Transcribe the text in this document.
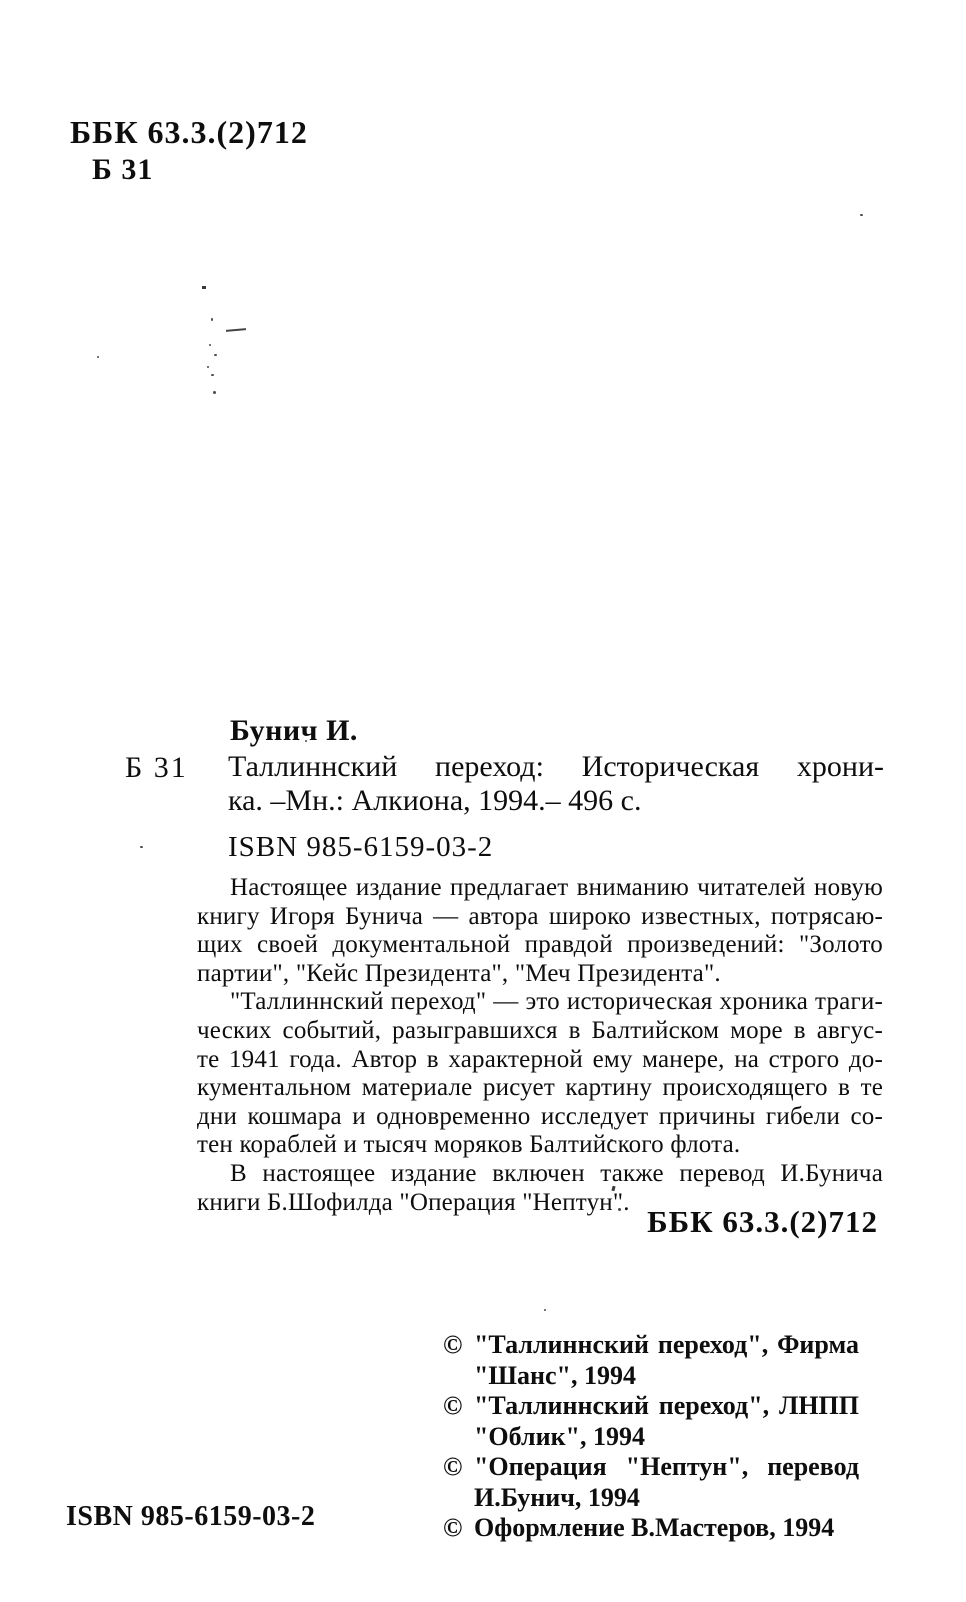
ББК 63.3.(2)712
Б 31
Бунич И.
Б 31 Таллиннский переход: Историческая хрони-
ка. –Мн.: Алкиона, 1994.– 496 с.
ISBN 985-6159-03-2
Настоящее издание предлагает вниманию читателей новую
книгу Игоря Бунича — автора широко известных, потрясаю-
щих своей документальной правдой произведений: "Золото
партии", "Кейс Президента", "Меч Президента".
"Таллиннский переход" — это историческая хроника траги-
ческих событий, разыгравшихся в Балтийском море в авгус-
те 1941 года. Автор в характерной ему манере, на строго до-
кументальном материале рисует картину происходящего в те
дни кошмара и одновременно исследует причины гибели со-
тен кораблей и тысяч моряков Балтийского флота.
В настоящее издание включен также перевод И.Бунича
книги Б.Шофилда "Операция "Нептун".
ББК 63.3.(2)712
© "Таллиннский переход", Фирма
"Шанс", 1994
© "Таллиннский переход", ЛНПП
"Облик", 1994
© "Операция "Нептун", перевод
И.Бунич, 1994
© Оформление В.Мастеров, 1994
ISBN 985-6159-03-2
